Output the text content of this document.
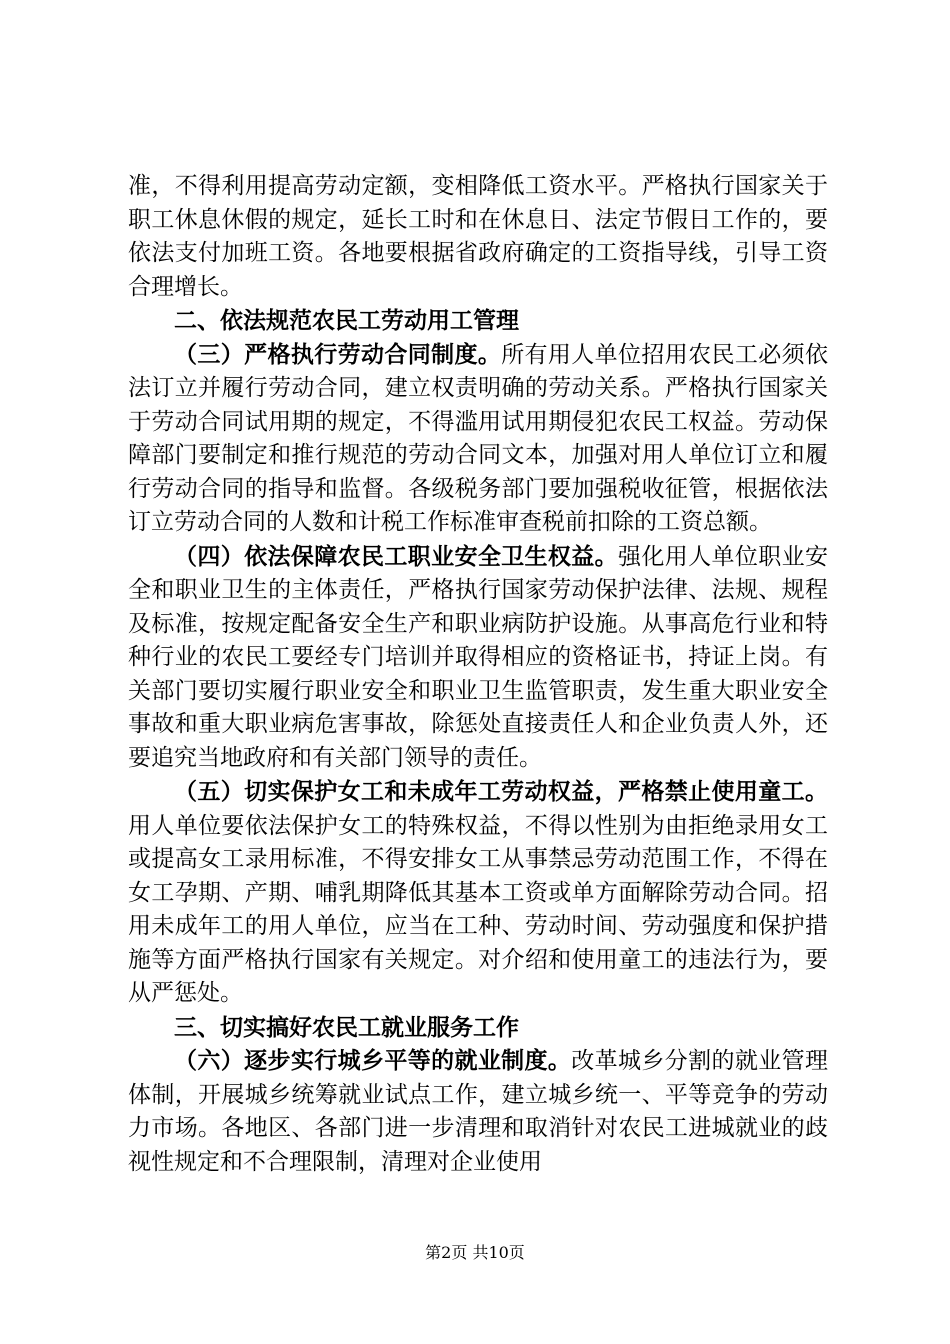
准，不得利用提高劳动定额，变相降低工资水平。严格执行国家关于职工休息休假的规定，延长工时和在休息日、法定节假日工作的，要依法支付加班工资。各地要根据省政府确定的工资指导线，引导工资合理增长。

二、依法规范农民工劳动用工管理

（三）严格执行劳动合同制度。所有用人单位招用农民工必须依法订立并履行劳动合同，建立权责明确的劳动关系。严格执行国家关于劳动合同试用期的规定，不得滥用试用期侵犯农民工权益。劳动保障部门要制定和推行规范的劳动合同文本，加强对用人单位订立和履行劳动合同的指导和监督。各级税务部门要加强税收征管，根据依法订立劳动合同的人数和计税工作标准审查税前扣除的工资总额。

（四）依法保障农民工职业安全卫生权益。强化用人单位职业安全和职业卫生的主体责任，严格执行国家劳动保护法律、法规、规程及标准，按规定配备安全生产和职业病防护设施。从事高危行业和特种行业的农民工要经专门培训并取得相应的资格证书，持证上岗。有关部门要切实履行职业安全和职业卫生监管职责，发生重大职业安全事故和重大职业病危害事故，除惩处直接责任人和企业负责人外，还要追究当地政府和有关部门领导的责任。

（五）切实保护女工和未成年工劳动权益，严格禁止使用童工。用人单位要依法保护女工的特殊权益，不得以性别为由拒绝录用女工或提高女工录用标准，不得安排女工从事禁忌劳动范围工作，不得在女工孕期、产期、哺乳期降低其基本工资或单方面解除劳动合同。招用未成年工的用人单位，应当在工种、劳动时间、劳动强度和保护措施等方面严格执行国家有关规定。对介绍和使用童工的违法行为，要从严惩处。

三、切实搞好农民工就业服务工作

（六）逐步实行城乡平等的就业制度。改革城乡分割的就业管理体制，开展城乡统筹就业试点工作，建立城乡统一、平等竞争的劳动力市场。各地区、各部门进一步清理和取消针对农民工进城就业的歧视性规定和不合理限制，清理对企业使用

第2页 共10页
